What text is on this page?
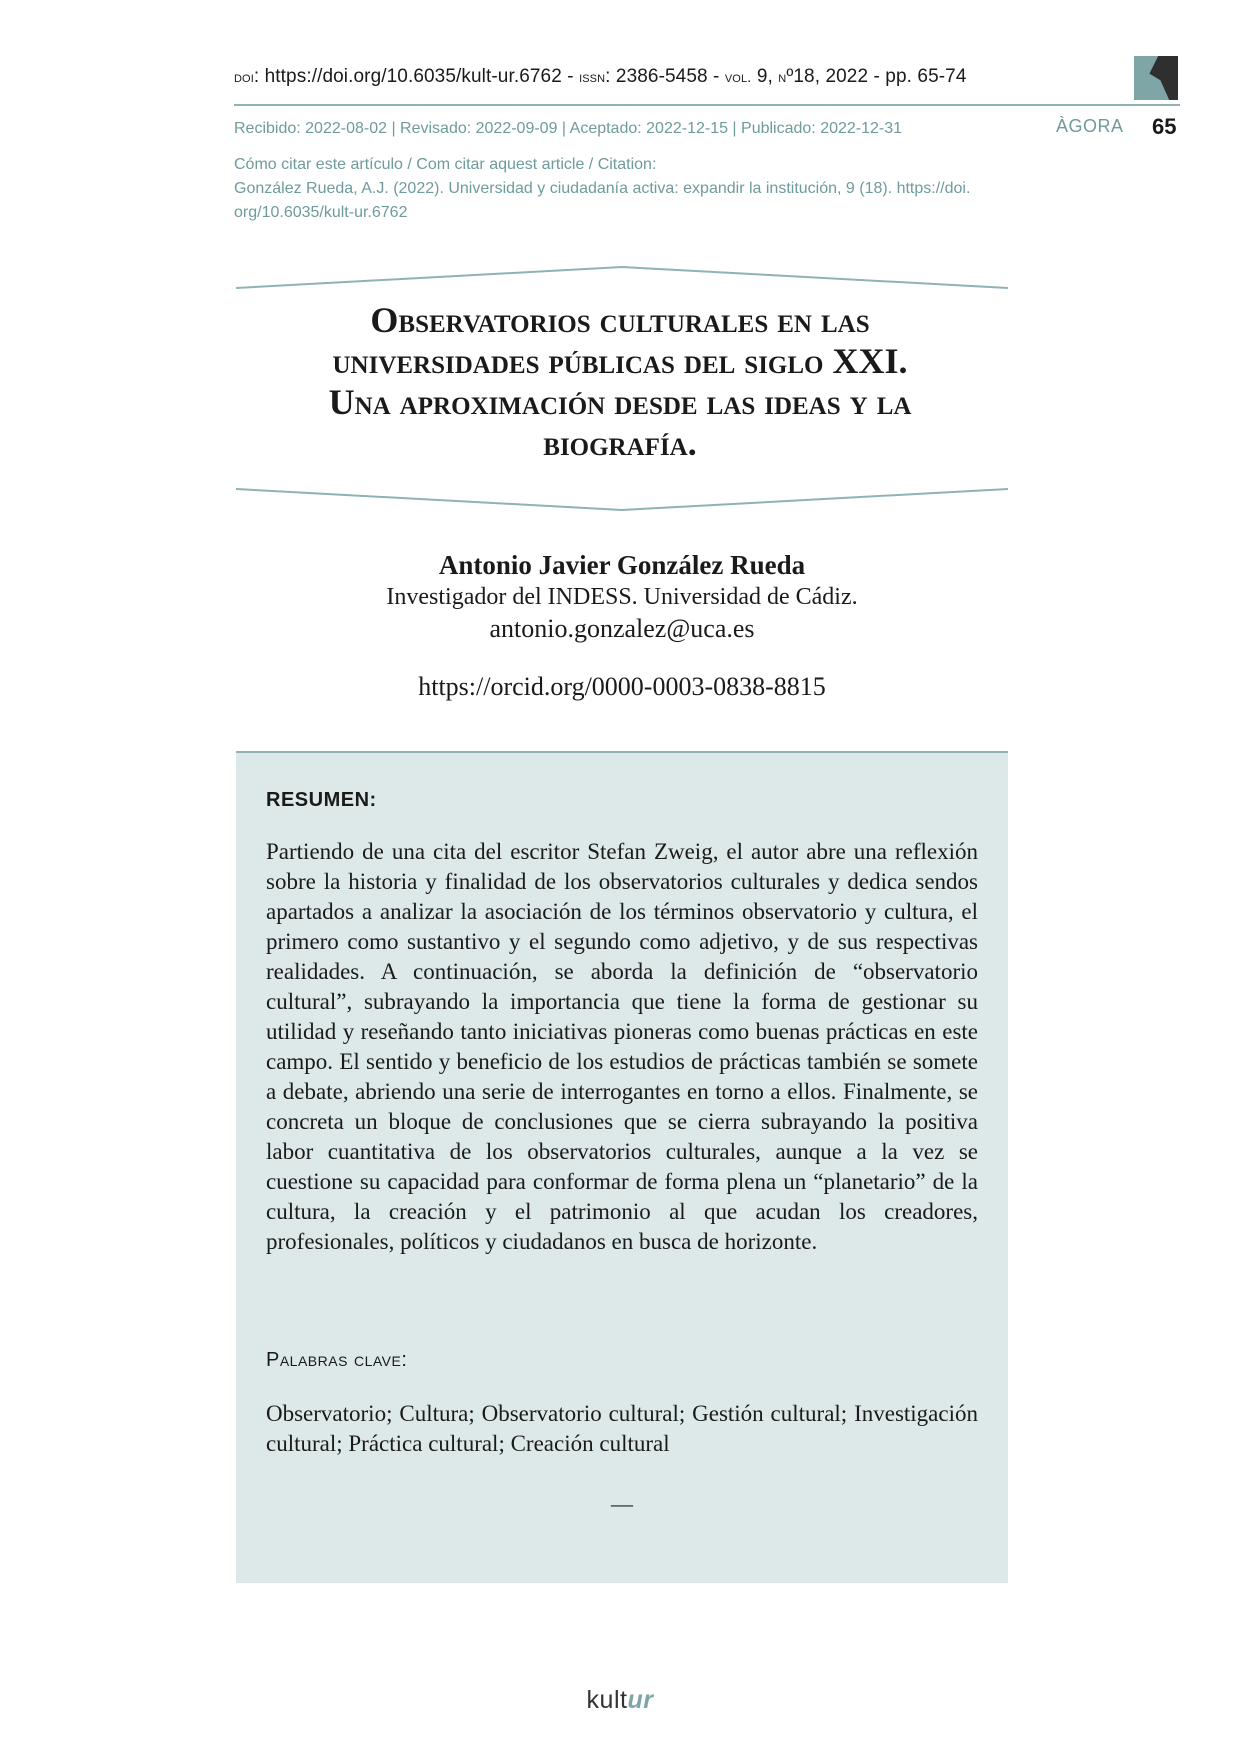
doi: https://doi.org/10.6035/kult-ur.6762 - issn: 2386-5458 - vol. 9, nº18, 2022 - pp. 65-74
Recibido: 2022-08-02 | Revisado: 2022-09-09 | Aceptado: 2022-12-15 | Publicado: 2022-12-31	ÀGORA 65
Cómo citar este artículo / Com citar aquest article / Citation:
González Rueda, A.J. (2022). Universidad y ciudadanía activa: expandir la institución, 9 (18). https://doi.
org/10.6035/kult-ur.6762
Observatorios culturales en las
universidades públicas del siglo XXI.
Una aproximación desde las ideas y la
biografía.
Antonio Javier González Rueda
Investigador del INDESS. Universidad de Cádiz.
antonio.gonzalez@uca.es
https://orcid.org/0000-0003-0838-8815
RESUMEN:
Partiendo de una cita del escritor Stefan Zweig, el autor abre una reflexión sobre la historia y finalidad de los observatorios culturales y dedica sendos apartados a analizar la asociación de los términos observatorio y cultura, el primero como sustantivo y el segundo como adjetivo, y de sus respectivas realidades. A continuación, se aborda la definición de “observatorio cultural”, subrayando la importancia que tiene la forma de gestionar su utilidad y reseñando tanto iniciativas pioneras como buenas prácticas en este campo. El sentido y beneficio de los estudios de prácticas también se somete a debate, abriendo una serie de interrogantes en torno a ellos. Finalmente, se concreta un bloque de conclusiones que se cierra subrayando la positiva labor cuantitativa de los observatorios culturales, aunque a la vez se cuestione su capacidad para conformar de forma plena un “planetario” de la cultura, la creación y el patrimonio al que acudan los creadores, profesionales, políticos y ciudadanos en busca de horizonte.
Palabras clave:
Observatorio; Cultura; Observatorio cultural; Gestión cultural; Investigación cultural; Práctica cultural; Creación cultural
—
kultur
